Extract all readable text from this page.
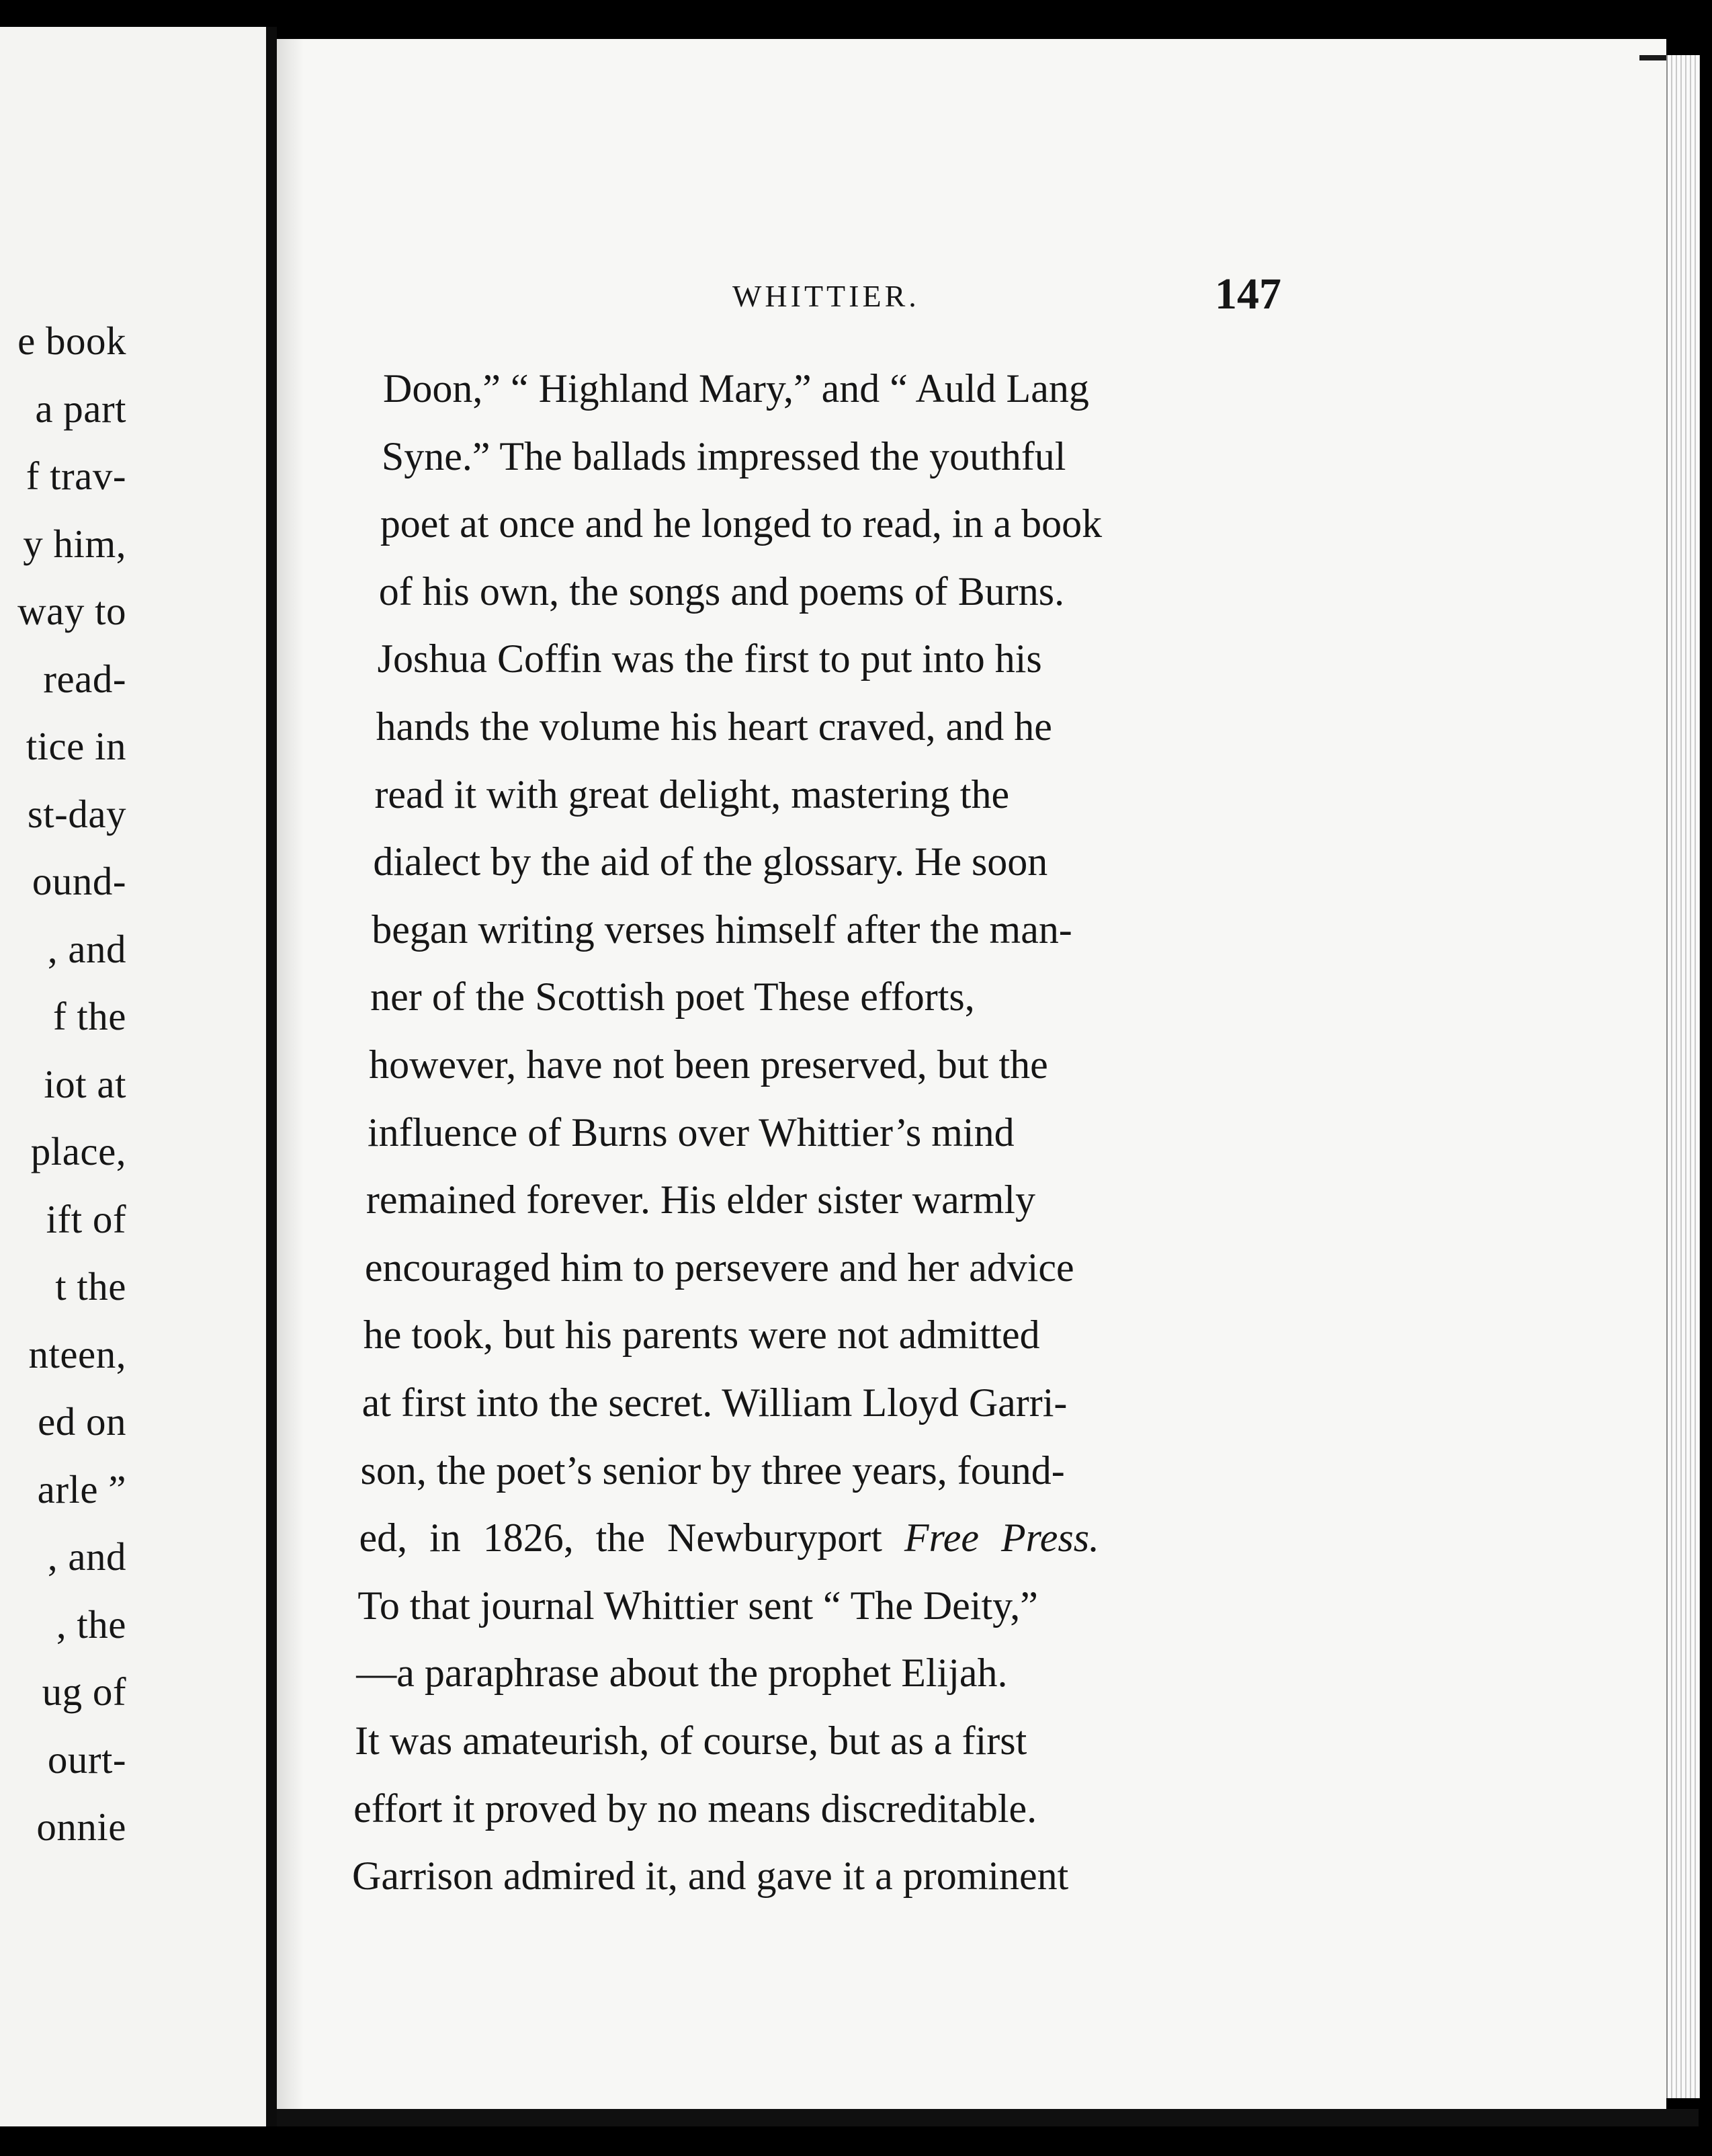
e book
a part
f trav-
y him,
way to
read-
tice in
st-day
ound-
, and
f the
iot at
place,
ift of
t the
nteen,
ed on
arle ”
, and
, the
ug of
ourt-
onnie
WHITTIER.	147
Doon,” “ Highland Mary,” and “ Auld Lang
Syne.” The ballads impressed the youthful
poet at once and he longed to read, in a book
of his own, the songs and poems of Burns.
Joshua Coffin was the first to put into his
hands the volume his heart craved, and he
read it with great delight, mastering the
dialect by the aid of the glossary. He soon
began writing verses himself after the man-
ner of the Scottish poet These efforts,
however, have not been preserved, but the
influence of Burns over Whittier’s mind
remained forever. His elder sister warmly
encouraged him to persevere and her advice
he took, but his parents were not admitted
at first into the secret. William Lloyd Garri-
son, the poet’s senior by three years, found-
ed, in 1826, the Newburyport Free Press.
To that journal Whittier sent “ The Deity,”
—a paraphrase about the prophet Elijah.
It was amateurish, of course, but as a first
effort it proved by no means discreditable.
Garrison admired it, and gave it a prominent
